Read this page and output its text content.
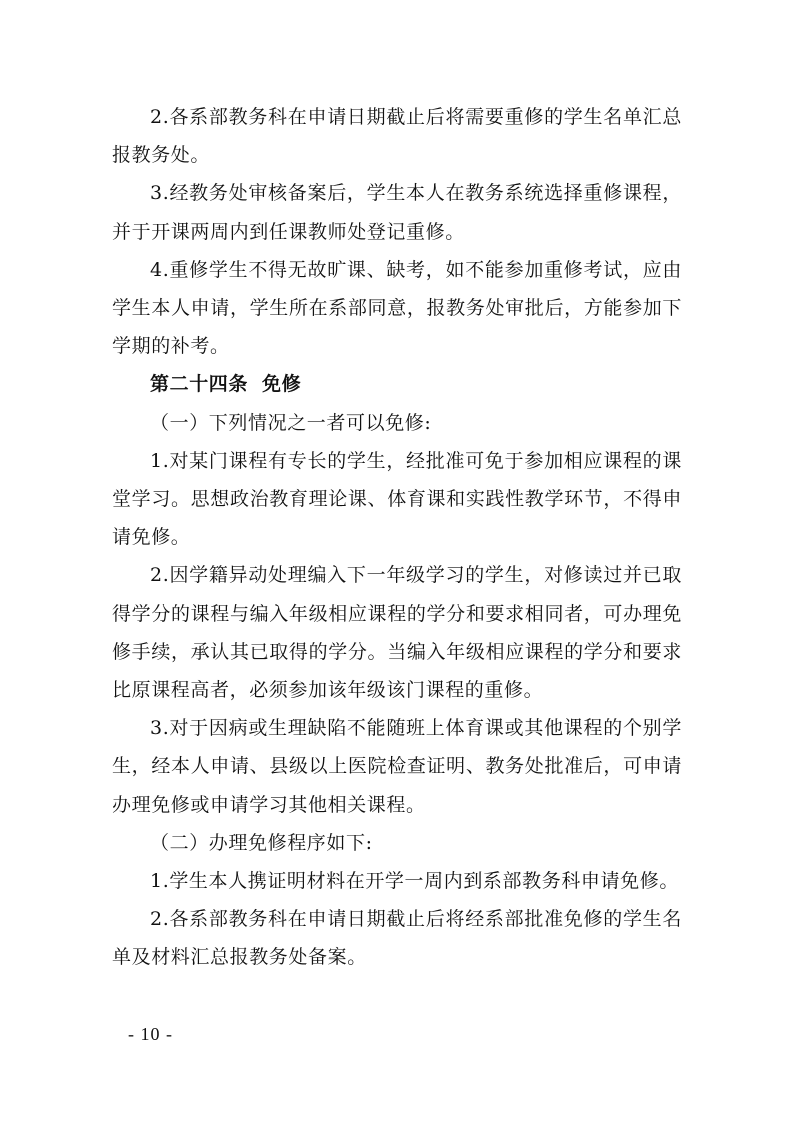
2.各系部教务科在申请日期截止后将需要重修的学生名单汇总报教务处。

3.经教务处审核备案后，学生本人在教务系统选择重修课程，并于开课两周内到任课教师处登记重修。

4.重修学生不得无故旷课、缺考，如不能参加重修考试，应由学生本人申请，学生所在系部同意，报教务处审批后，方能参加下学期的补考。

第二十四条 免修

（一）下列情况之一者可以免修:

1.对某门课程有专长的学生，经批准可免于参加相应课程的课堂学习。思想政治教育理论课、体育课和实践性教学环节，不得申请免修。

2.因学籍异动处理编入下一年级学习的学生，对修读过并已取得学分的课程与编入年级相应课程的学分和要求相同者，可办理免修手续，承认其已取得的学分。当编入年级相应课程的学分和要求比原课程高者，必须参加该年级该门课程的重修。

3.对于因病或生理缺陷不能随班上体育课或其他课程的个别学生，经本人申请、县级以上医院检查证明、教务处批准后，可申请办理免修或申请学习其他相关课程。

（二）办理免修程序如下:

1.学生本人携证明材料在开学一周内到系部教务科申请免修。

2.各系部教务科在申请日期截止后将经系部批准免修的学生名单及材料汇总报教务处备案。

- 10 -
